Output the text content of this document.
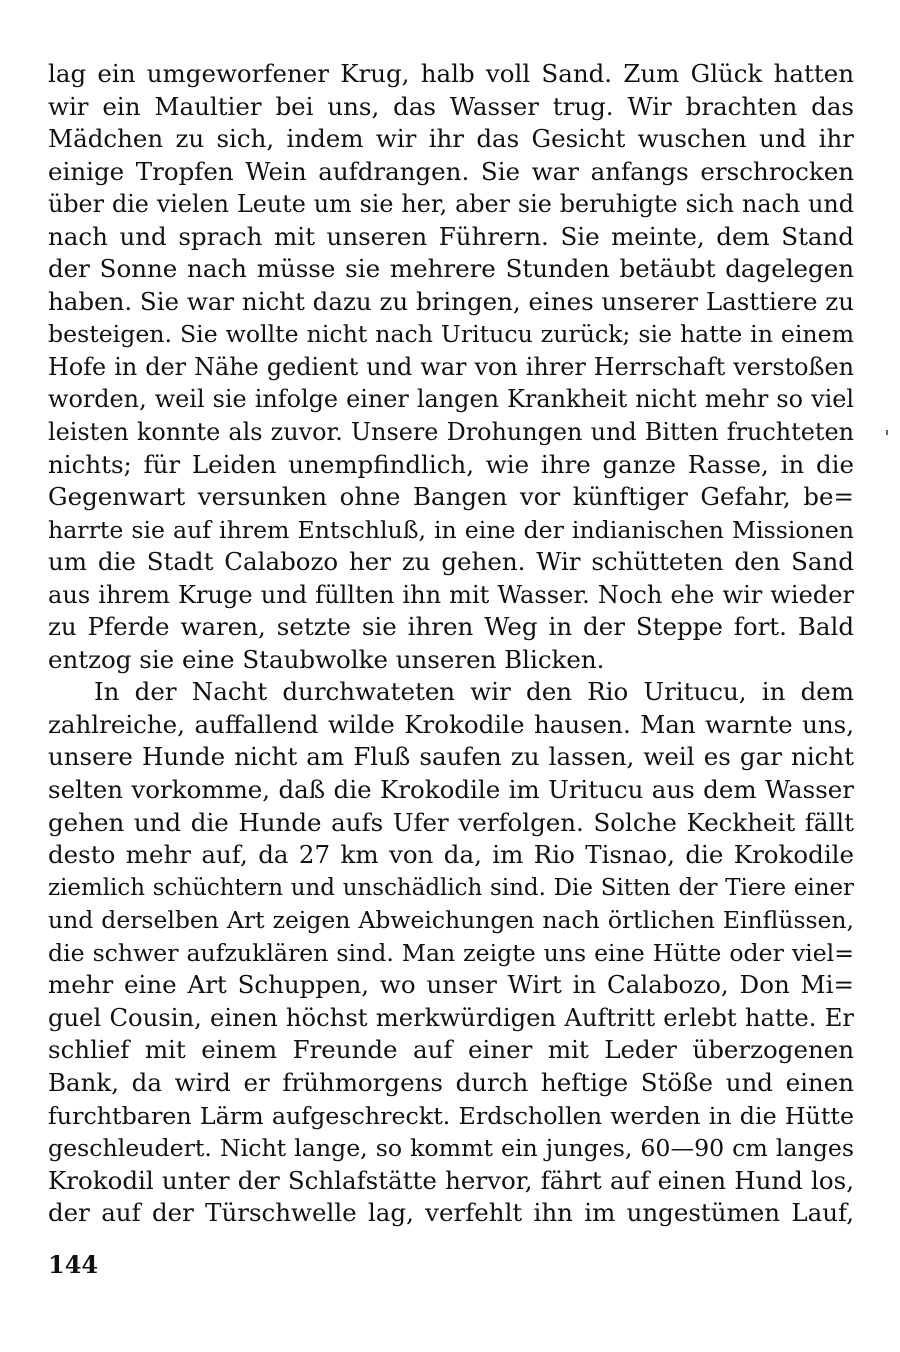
lag ein umgeworfener Krug, halb voll Sand. Zum Glück hatten
wir ein Maultier bei uns, das Wasser trug. Wir brachten das
Mädchen zu sich, indem wir ihr das Gesicht wuschen und ihr
einige Tropfen Wein aufdrangen. Sie war anfangs erschrocken
über die vielen Leute um sie her, aber sie beruhigte sich nach und
nach und sprach mit unseren Führern. Sie meinte, dem Stand
der Sonne nach müsse sie mehrere Stunden betäubt dagelegen
haben. Sie war nicht dazu zu bringen, eines unserer Lasttiere zu
besteigen. Sie wollte nicht nach Uritucu zurück; sie hatte in einem
Hofe in der Nähe gedient und war von ihrer Herrschaft verstoßen
worden, weil sie infolge einer langen Krankheit nicht mehr so viel
leisten konnte als zuvor. Unsere Drohungen und Bitten fruchteten
nichts; für Leiden unempfindlich, wie ihre ganze Rasse, in die
Gegenwart versunken ohne Bangen vor künftiger Gefahr, be=
harrte sie auf ihrem Entschluß, in eine der indianischen Missionen
um die Stadt Calabozo her zu gehen. Wir schütteten den Sand
aus ihrem Kruge und füllten ihn mit Wasser. Noch ehe wir wieder
zu Pferde waren, setzte sie ihren Weg in der Steppe fort. Bald
entzog sie eine Staubwolke unseren Blicken.
In der Nacht durchwateten wir den Rio Uritucu, in dem
zahlreiche, auffallend wilde Krokodile hausen. Man warnte uns,
unsere Hunde nicht am Fluß saufen zu lassen, weil es gar nicht
selten vorkomme, daß die Krokodile im Uritucu aus dem Wasser
gehen und die Hunde aufs Ufer verfolgen. Solche Keckheit fällt
desto mehr auf, da 27 km von da, im Rio Tisnao, die Krokodile
ziemlich schüchtern und unschädlich sind. Die Sitten der Tiere einer
und derselben Art zeigen Abweichungen nach örtlichen Einflüssen,
die schwer aufzuklären sind. Man zeigte uns eine Hütte oder viel=
mehr eine Art Schuppen, wo unser Wirt in Calabozo, Don Mi=
guel Cousin, einen höchst merkwürdigen Auftritt erlebt hatte. Er
schlief mit einem Freunde auf einer mit Leder überzogenen
Bank, da wird er frühmorgens durch heftige Stöße und einen
furchtbaren Lärm aufgeschreckt. Erdschollen werden in die Hütte
geschleudert. Nicht lange, so kommt ein junges, 60—90 cm langes
Krokodil unter der Schlafstätte hervor, fährt auf einen Hund los,
der auf der Türschwelle lag, verfehlt ihn im ungestümen Lauf,
144
